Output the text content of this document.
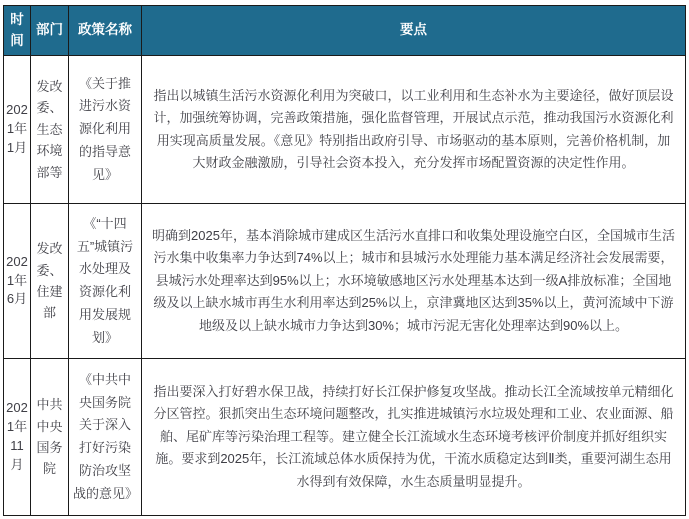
时间	部门	政策名称	要点
2021年1月	发改委、生态环境部等	《关于推进污水资源化利用的指导意见》	指出以城镇生活污水资源化利用为突破口，以工业利用和生态补水为主要途径，做好顶层设计，加强统筹协调，完善政策措施，强化监督管理，开展试点示范，推动我国污水资源化利用实现高质量发展。《意见》特别指出政府引导、市场驱动的基本原则，完善价格机制，加大财政金融激励，引导社会资本投入，充分发挥市场配置资源的决定性作用。
2021年6月	发改委、住建部	《“十四五”城镇污水处理及资源化利用发展规划》	明确到2025年，基本消除城市建成区生活污水直排口和收集处理设施空白区，全国城市生活污水集中收集率力争达到74%以上；城市和县城污水处理能力基本满足经济社会发展需要，县城污水处理率达到95%以上；水环境敏感地区污水处理基本达到一级A排放标准；全国地级及以上缺水城市再生水利用率达到25%以上，京津冀地区达到35%以上，黄河流域中下游地级及以上缺水城市力争达到30%；城市污泥无害化处理率达到90%以上。
2021年11月	中共中央国务院	《中共中央国务院关于深入打好污染防治攻坚战的意见》	指出要深入打好碧水保卫战，持续打好长江保护修复攻坚战。推动长江全流域按单元精细化分区管控。狠抓突出生态环境问题整改，扎实推进城镇污水垃圾处理和工业、农业面源、船舶、尾矿库等污染治理工程等。建立健全长江流域水生态环境考核评价制度并抓好组织实施。要求到2025年，长江流域总体水质保持为优，干流水质稳定达到Ⅱ类，重要河湖生态用水得到有效保障，水生态质量明显提升。
